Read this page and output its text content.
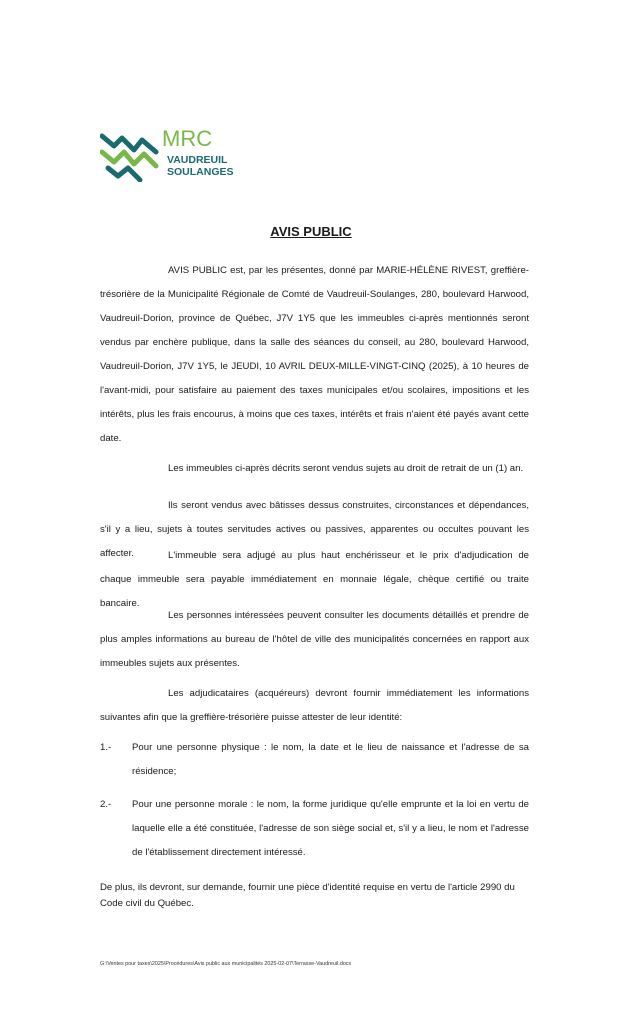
MRC
VAUDREUIL
SOULANGES
AVIS PUBLIC
AVIS PUBLIC est, par les présentes, donné par MARIE-HÉLÈNE RIVEST, greffière-trésorière de la Municipalité Régionale de Comté de Vaudreuil-Soulanges, 280, boulevard Harwood, Vaudreuil-Dorion, province de Québec, J7V 1Y5 que les immeubles ci-après mentionnés seront vendus par enchère publique, dans la salle des séances du conseil, au 280, boulevard Harwood, Vaudreuil-Dorion, J7V 1Y5, le JEUDI, 10 AVRIL DEUX-MILLE-VINGT-CINQ (2025), à 10 heures de l'avant-midi, pour satisfaire au paiement des taxes municipales et/ou scolaires, impositions et les intérêts, plus les frais encourus, à moins que ces taxes, intérêts et frais n'aient été payés avant cette date.
Les immeubles ci-après décrits seront vendus sujets au droit de retrait de un (1) an.
Ils seront vendus avec bâtisses dessus construites, circonstances et dépendances, s'il y a lieu, sujets à toutes servitudes actives ou passives, apparentes ou occultes pouvant les affecter.	L'immeuble sera adjugé au plus haut enchérisseur et le prix d'adjudication de chaque immeuble sera payable immédiatement en monnaie légale, chèque certifié ou traite bancaire.
Les personnes intéressées peuvent consulter les documents détaillés et prendre de plus amples informations au bureau de l'hôtel de ville des municipalités concernées en rapport aux immeubles sujets aux présentes.
Les adjudicataires (acquéreurs) devront fournir immédiatement les informations suivantes afin que la greffière-trésorière puisse attester de leur identité:
1.- Pour une personne physique : le nom, la date et le lieu de naissance et l'adresse de sa résidence;
2.- Pour une personne morale : le nom, la forme juridique qu'elle emprunte et la loi en vertu de laquelle elle a été constituée, l'adresse de son siège social et, s'il y a lieu, le nom et l'adresse de l'établissement directement intéressé.
De plus, ils devront, sur demande, fournir une pièce d'identité requise en vertu de l'article 2990 du Code civil du Québec.
G:\Ventes pour taxes\2025\Procédures\Avis public aux municipalités 2025-02-07\Terrasse-Vaudreuil.docx
